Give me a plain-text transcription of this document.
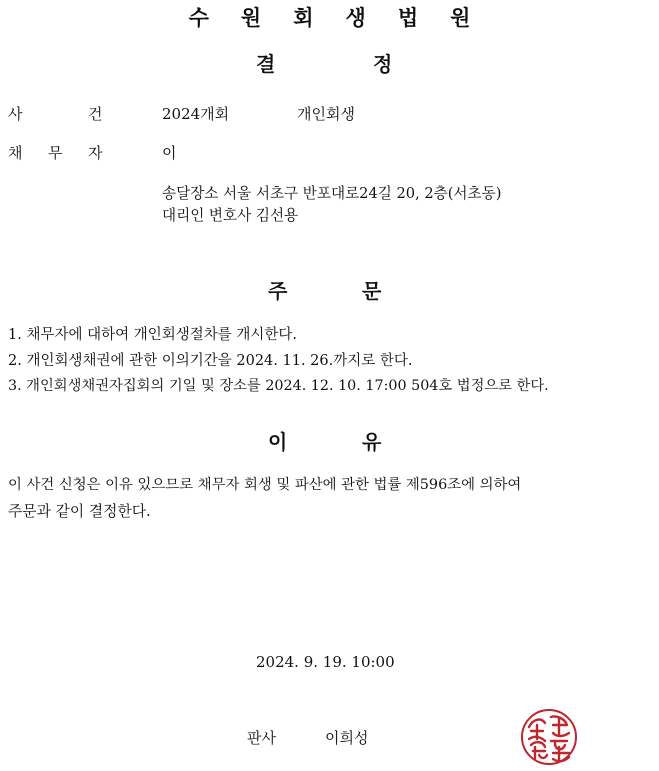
수 원 회 생 법 원
결	정
사	건	2024개회	개인회생
채 무 자	이
송달장소 서울 서초구 반포대로24길 20, 2층(서초동)
대리인 변호사 김선용
주	문
1. 채무자에 대하여 개인회생절차를 개시한다.
2. 개인회생채권에 관한 이의기간을 2024. 11. 26.까지로 한다.
3. 개인회생채권자집회의 기일 및 장소를 2024. 12. 10. 17:00 504호 법정으로 한다.
이	유
이 사건 신청은 이유 있으므로 채무자 회생 및 파산에 관한 법률 제596조에 의하여
주문과 같이 결정한다.
2024. 9. 19. 10:00
판사	이희성
